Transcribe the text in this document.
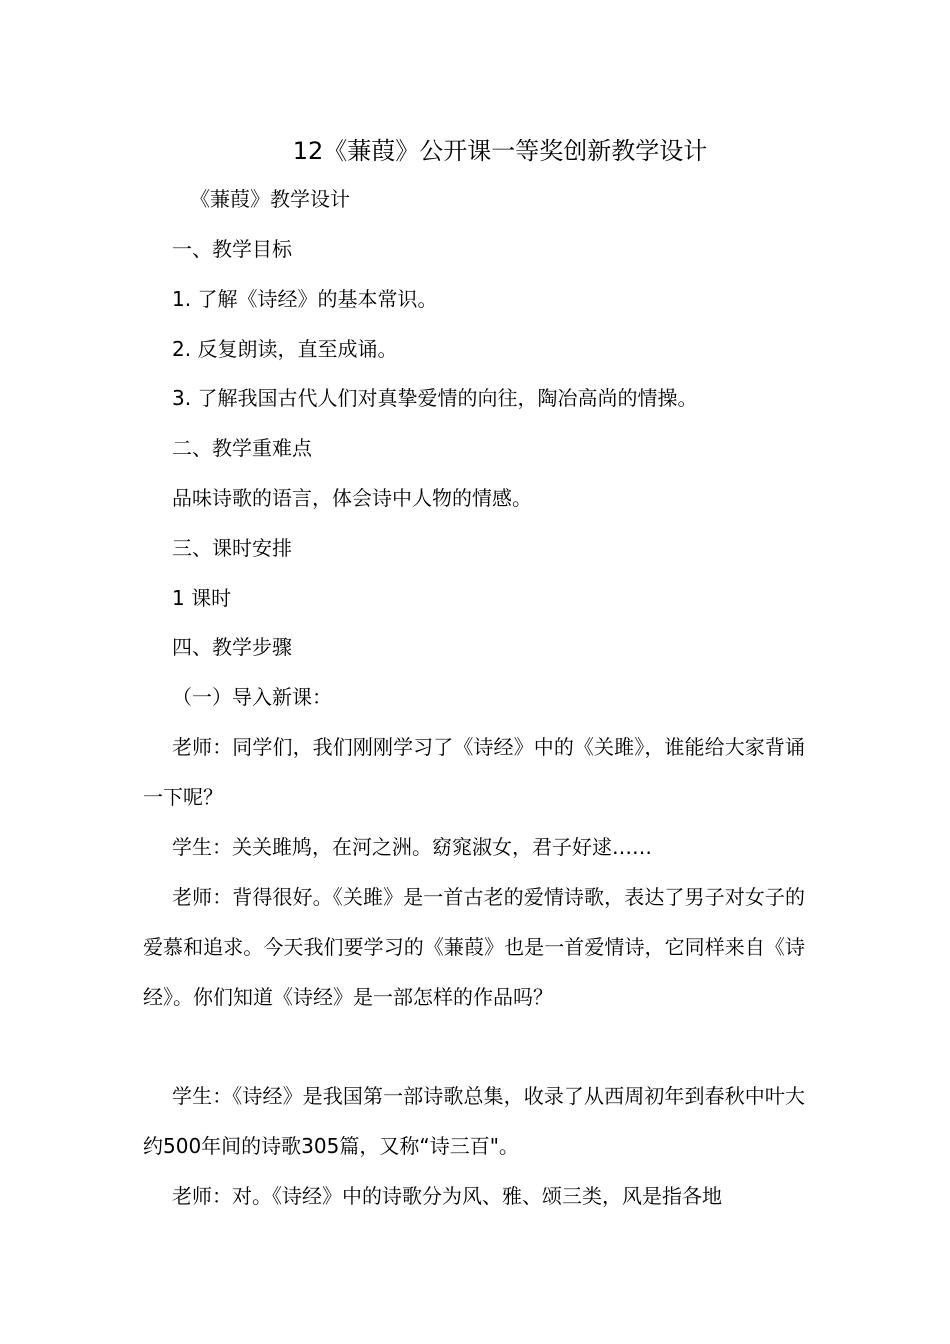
12《蒹葭》公开课一等奖创新教学设计
《蒹葭》教学设计
一、教学目标
1. 了解《诗经》的基本常识。
2. 反复朗读，直至成诵。
3. 了解我国古代人们对真挚爱情的向往，陶冶高尚的情操。
二、教学重难点
品味诗歌的语言，体会诗中人物的情感。
三、课时安排
1 课时
四、教学步骤
（一）导入新课：
老师：同学们，我们刚刚学习了《诗经》中的《关雎》，谁能给大家背诵一下呢？
学生：关关雎鸠，在河之洲。窈窕淑女，君子好逑……
老师：背得很好。《关雎》是一首古老的爱情诗歌，表达了男子对女子的爱慕和追求。今天我们要学习的《蒹葭》也是一首爱情诗，它同样来自《诗经》。你们知道《诗经》是一部怎样的作品吗？
学生：《诗经》是我国第一部诗歌总集，收录了从西周初年到春秋中叶大约500年间的诗歌305篇，又称“诗三百"。
老师：对。《诗经》中的诗歌分为风、雅、颂三类，风是指各地
